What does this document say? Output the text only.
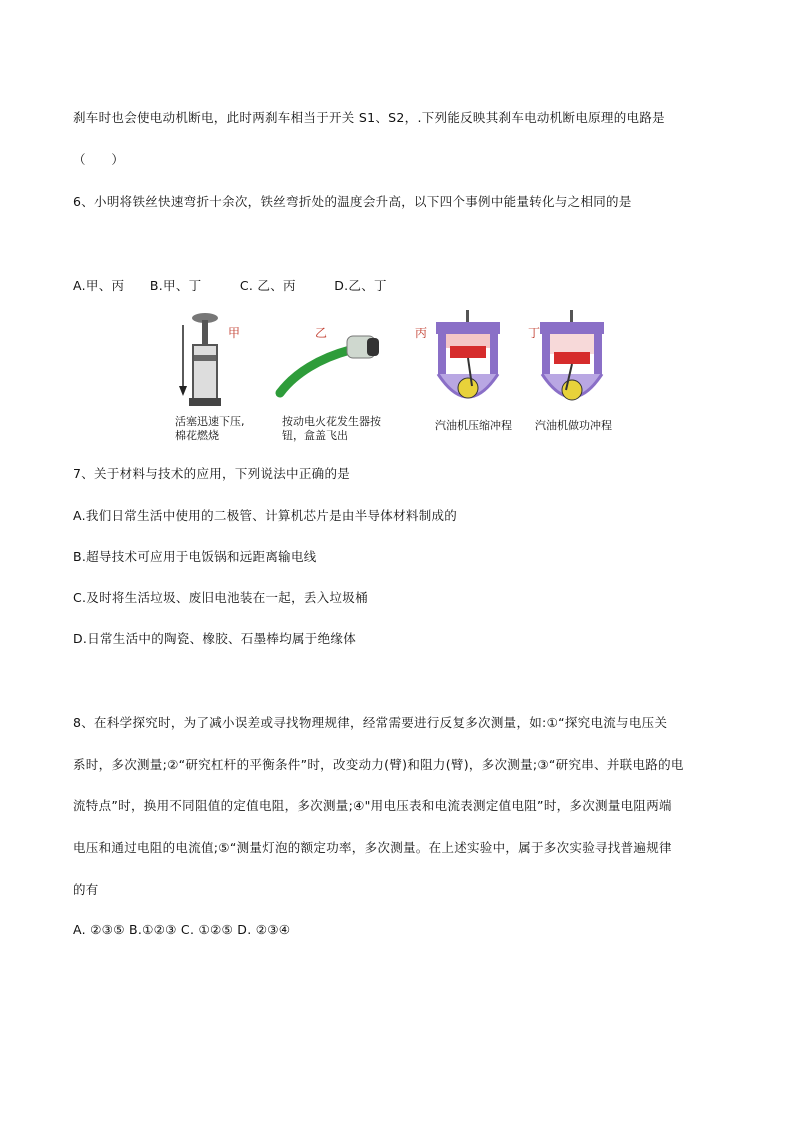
刹车时也会使电动机断电，此时两刹车相当于开关 S1、S2，.下列能反映其刹车电动机断电原理的电路是
（　　）
6、小明将铁丝快速弯折十余次，铁丝弯折处的温度会升高，以下四个事例中能量转化与之相同的是
A.甲、丙　　B.甲、丁　　　C. 乙、丙　　　D.乙、丁
甲
活塞迅速下压,
棉花燃烧
乙
按动电火花发生器按
钮，盒盖飞出
丙
汽油机压缩冲程
丁
汽油机做功冲程
7、关于材料与技术的应用，下列说法中正确的是
A.我们日常生活中使用的二极管、计算机芯片是由半导体材料制成的
B.超导技术可应用于电饭锅和远距离输电线
C.及时将生活垃圾、废旧电池装在一起，丢入垃圾桶
D.日常生活中的陶瓷、橡胶、石墨棒均属于绝缘体
8、在科学探究时，为了减小误差或寻找物理规律，经常需要进行反复多次测量，如:①“探究电流与电压关
系时，多次测量;②“研究杠杆的平衡条件”时，改变动力(臂)和阻力(臂)，多次测量;③“研究串、并联电路的电
流特点”时，换用不同阻值的定值电阻，多次测量;④"用电压表和电流表测定值电阻”时，多次测量电阻两端
电压和通过电阻的电流值;⑤“测量灯泡的额定功率，多次测量。在上述实验中，属于多次实验寻找普遍规律
的有
A. ②③⑤ B.①②③ C. ①②⑤ D. ②③④
